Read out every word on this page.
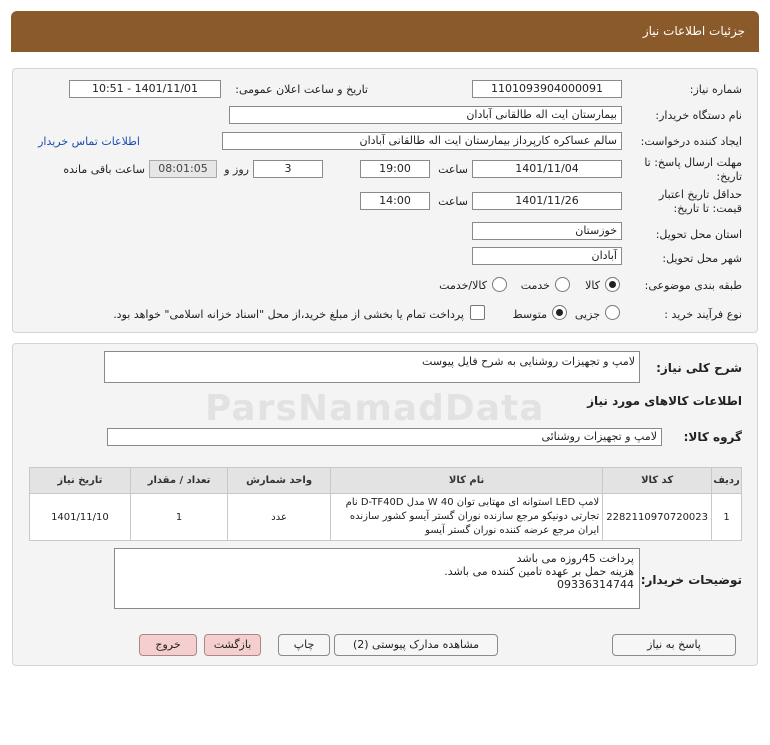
جزئیات اطلاعات نیاز
شماره نیاز:
1101093904000091
تاریخ و ساعت اعلان عمومی:
1401/11/01 - 10:51
نام دستگاه خریدار:
بیمارستان ایت اله طالقانی آبادان
ایجاد کننده درخواست:
سالم عساکره کارپرداز بیمارستان ایت اله طالقانی آبادان
اطلاعات تماس خریدار
مهلت ارسال پاسخ: تا
تاریخ:
1401/11/04
ساعت
19:00
3
روز و
08:01:05
ساعت باقی مانده
حداقل تاریخ اعتبار
قیمت: تا تاریخ:
1401/11/26
ساعت
14:00
استان محل تحویل:
خوزستان
شهر محل تحویل:
آبادان
طبقه بندی موضوعی:
کالا
خدمت
کالا/خدمت
نوع فرآیند خرید :
جزیی
متوسط
پرداخت تمام یا بخشی از مبلغ خرید،از محل "اسناد خزانه اسلامی" خواهد بود.
شرح کلی نیاز:
لامپ و تجهیزات روشنایی به شرح فایل پیوست
اطلاعات کالاهای مورد نیاز
گروه کالا:
لامپ و تجهیزات روشنائی
ردیف	کد کالا	نام کالا	واحد شمارش	تعداد / مقدار	تاریخ نیاز
1	2282110970720023	لامپ LED استوانه ای مهتابی توان 40 W مدل D-TF40D نام تجارتی دونیکو مرجع سازنده نوران گستر آیسو کشور سازنده ایران مرجع عرضه کننده نوران گستر آیسو	عدد	1	1401/11/10
توضیحات خریدار:
پرداخت 45روزه می باشد
هزینه حمل بر عهده تامین کننده می باشد.
09336314744
پاسخ به نیاز
مشاهده مدارک پیوستی (2)
چاپ
بازگشت
خروج
